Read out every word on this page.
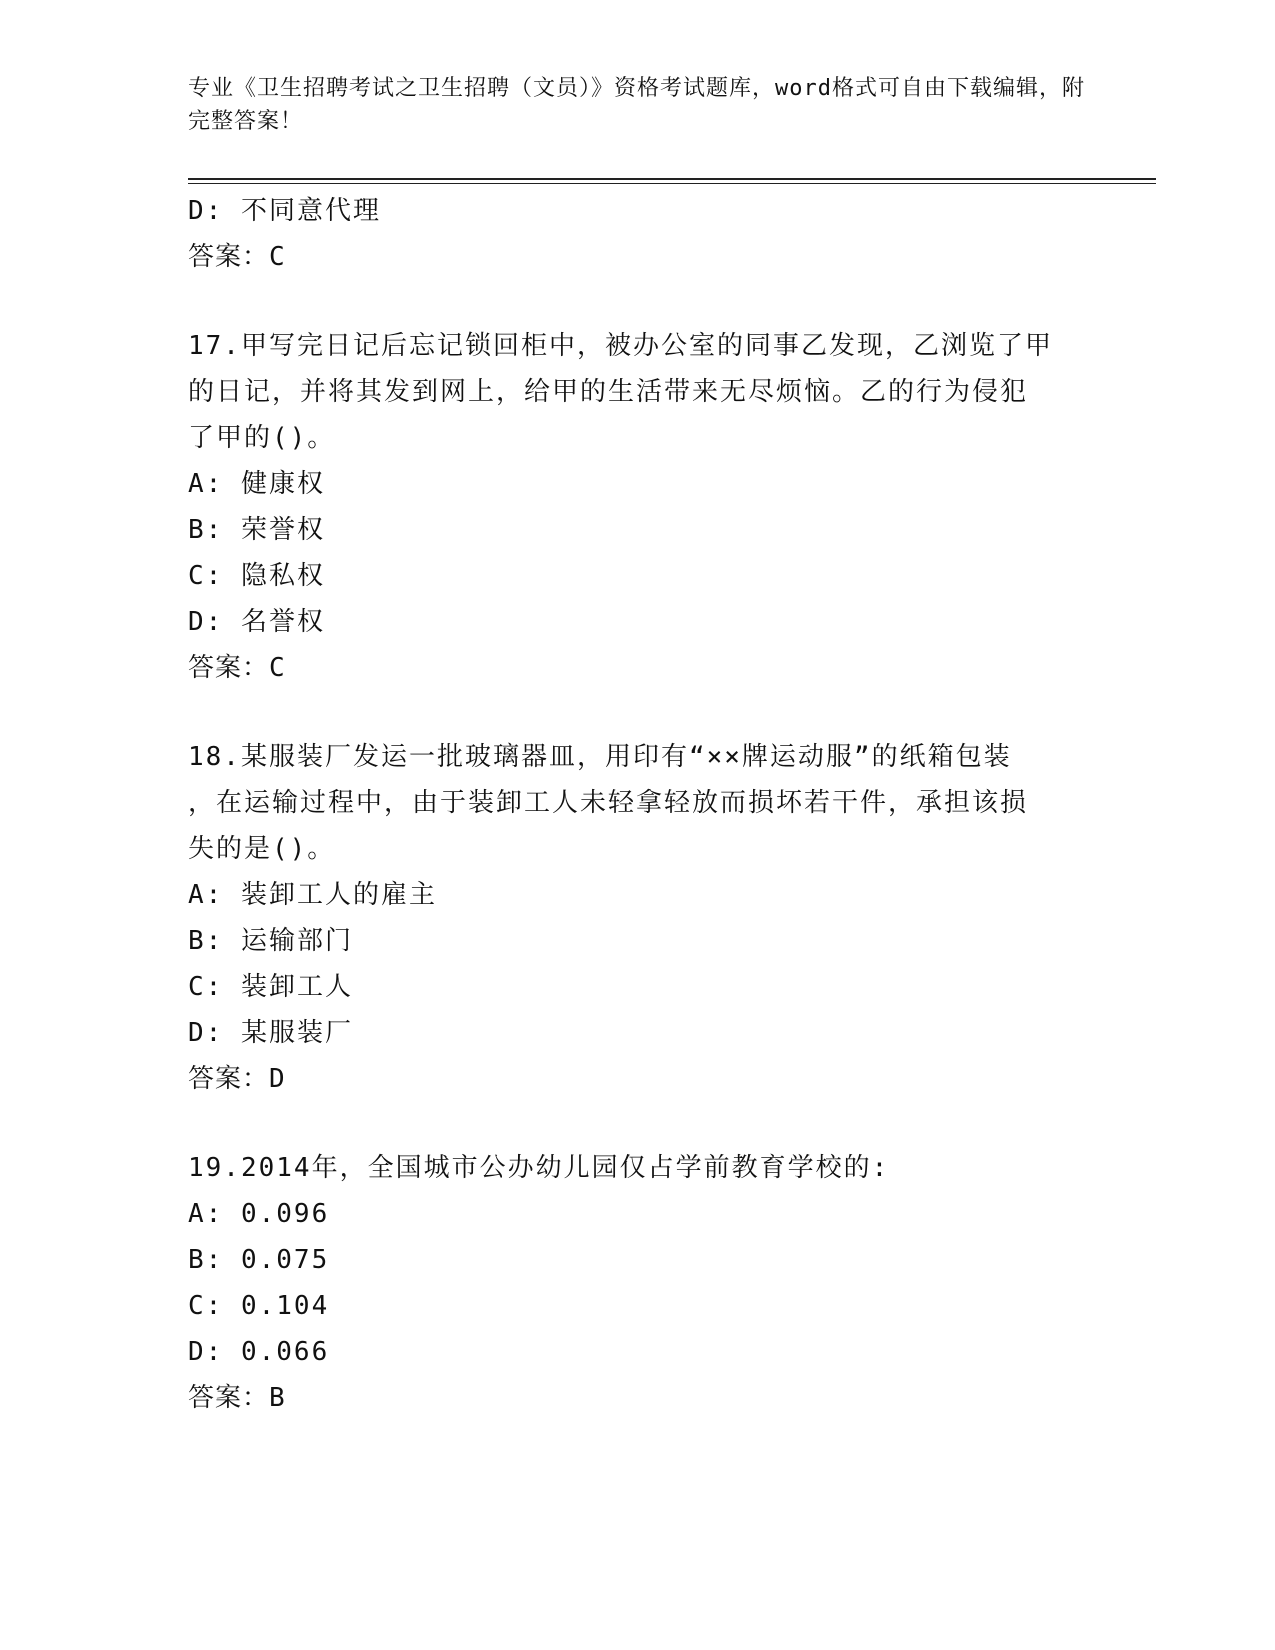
专业《卫生招聘考试之卫生招聘（文员）》资格考试题库，word格式可自由下载编辑，附完整答案！
D: 不同意代理
答案：C
17.甲写完日记后忘记锁回柜中，被办公室的同事乙发现，乙浏览了甲
的日记，并将其发到网上，给甲的生活带来无尽烦恼。乙的行为侵犯
了甲的()。
A: 健康权
B: 荣誉权
C: 隐私权
D: 名誉权
答案：C
18.某服装厂发运一批玻璃器皿，用印有“××牌运动服”的纸箱包装
，在运输过程中，由于装卸工人未轻拿轻放而损坏若干件，承担该损
失的是()。
A: 装卸工人的雇主
B: 运输部门
C: 装卸工人
D: 某服装厂
答案：D
19.2014年，全国城市公办幼儿园仅占学前教育学校的:
A: 0.096
B: 0.075
C: 0.104
D: 0.066
答案：B
